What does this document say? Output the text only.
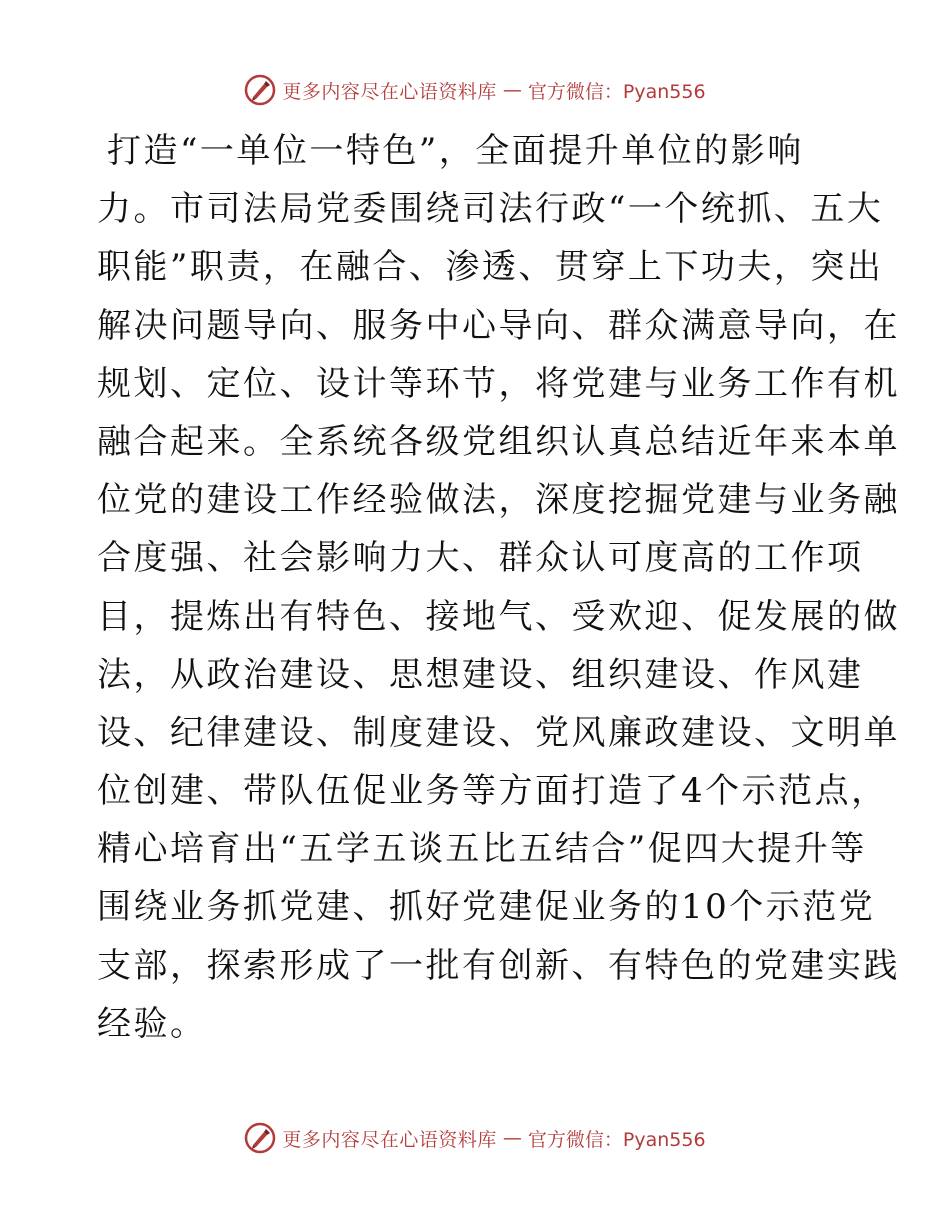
更多内容尽在心语资料库 — 官方微信：Pyan556
打造“一单位一特色”，全面提升单位的影响
力。市司法局党委围绕司法行政“一个统抓、五大
职能”职责，在融合、渗透、贯穿上下功夫，突出
解决问题导向、服务中心导向、群众满意导向，在
规划、定位、设计等环节，将党建与业务工作有机
融合起来。全系统各级党组织认真总结近年来本单
位党的建设工作经验做法，深度挖掘党建与业务融
合度强、社会影响力大、群众认可度高的工作项
目，提炼出有特色、接地气、受欢迎、促发展的做
法，从政治建设、思想建设、组织建设、作风建
设、纪律建设、制度建设、党风廉政建设、文明单
位创建、带队伍促业务等方面打造了4个示范点，
精心培育出“五学五谈五比五结合”促四大提升等
围绕业务抓党建、抓好党建促业务的10个示范党
支部，探索形成了一批有创新、有特色的党建实践
经验。
更多内容尽在心语资料库 — 官方微信：Pyan556
